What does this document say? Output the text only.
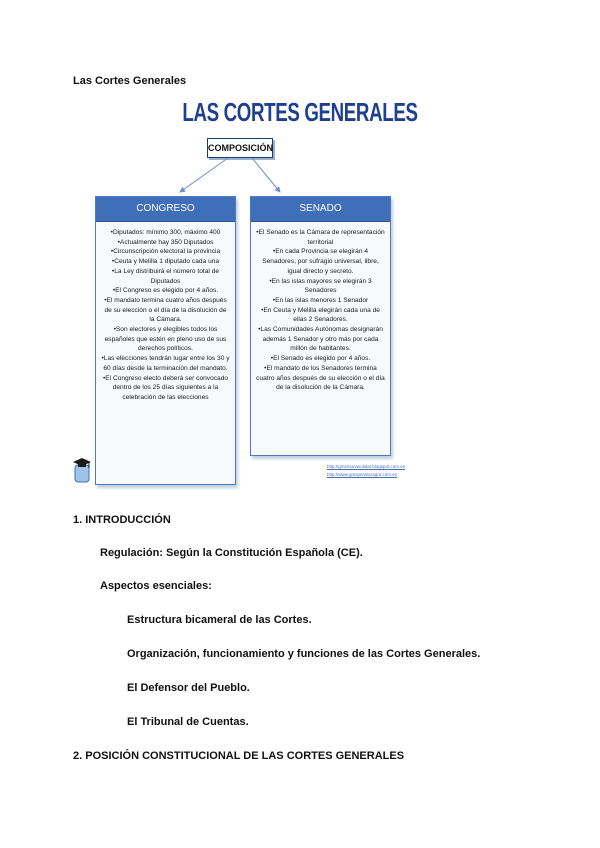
Las Cortes Generales
LAS CORTES GENERALES
COMPOSICIÓN
CONGRESO

•Diputados: mínimo 300, máximo 400

•Actualmente hay 350 Diputados

•Circunscripción electoral la provincia

•Ceuta y Melilla 1 diputado cada una

•La Ley distribuirá el número total de Diputados

•El Congreso es elegido por 4 años.

•El mandato termina cuatro años después de su elección o el día de la disolución de la Cámara.

•Son electores y elegibles todos los españoles que estén en pleno uso de sus derechos políticos.

•Las elecciones tendrán lugar entre los 30 y 60 días desde la terminación del mandato.

•El Congreso electo deberá ser convocado dentro de los 25 días siguientes a la celebración de las elecciones

SENADO

•El Senado es la Cámara de representación territorial

•En cada Provincia se elegirán 4 Senadores, por sufragio universal, libre, igual directo y secreto.

•En las islas mayores se elegirán 3 Senadores

•En las islas menores 1 Senador

•En Ceuta y Melilla elegirán cada una de ellas 2 Senadores.

•Las Comunidades Autónomas designarán además 1 Senador y otro más por cada millón de habitantes.

•El Senado es elegido por 4 años.

•El mandato de los Senadores termina cuatro años después de su elección o el día de la disolución de la Cámara.

http://gmsmunasolidar.blogspot.com.es
http://www.gmsperalozagra.com.es
1. INTRODUCCIÓN
Regulación: Según la Constitución Española (CE).
Aspectos esenciales:
Estructura bicameral de las Cortes.
Organización, funcionamiento y funciones de las Cortes Generales.
El Defensor del Pueblo.
El Tribunal de Cuentas.
2. POSICIÓN CONSTITUCIONAL DE LAS CORTES GENERALES
